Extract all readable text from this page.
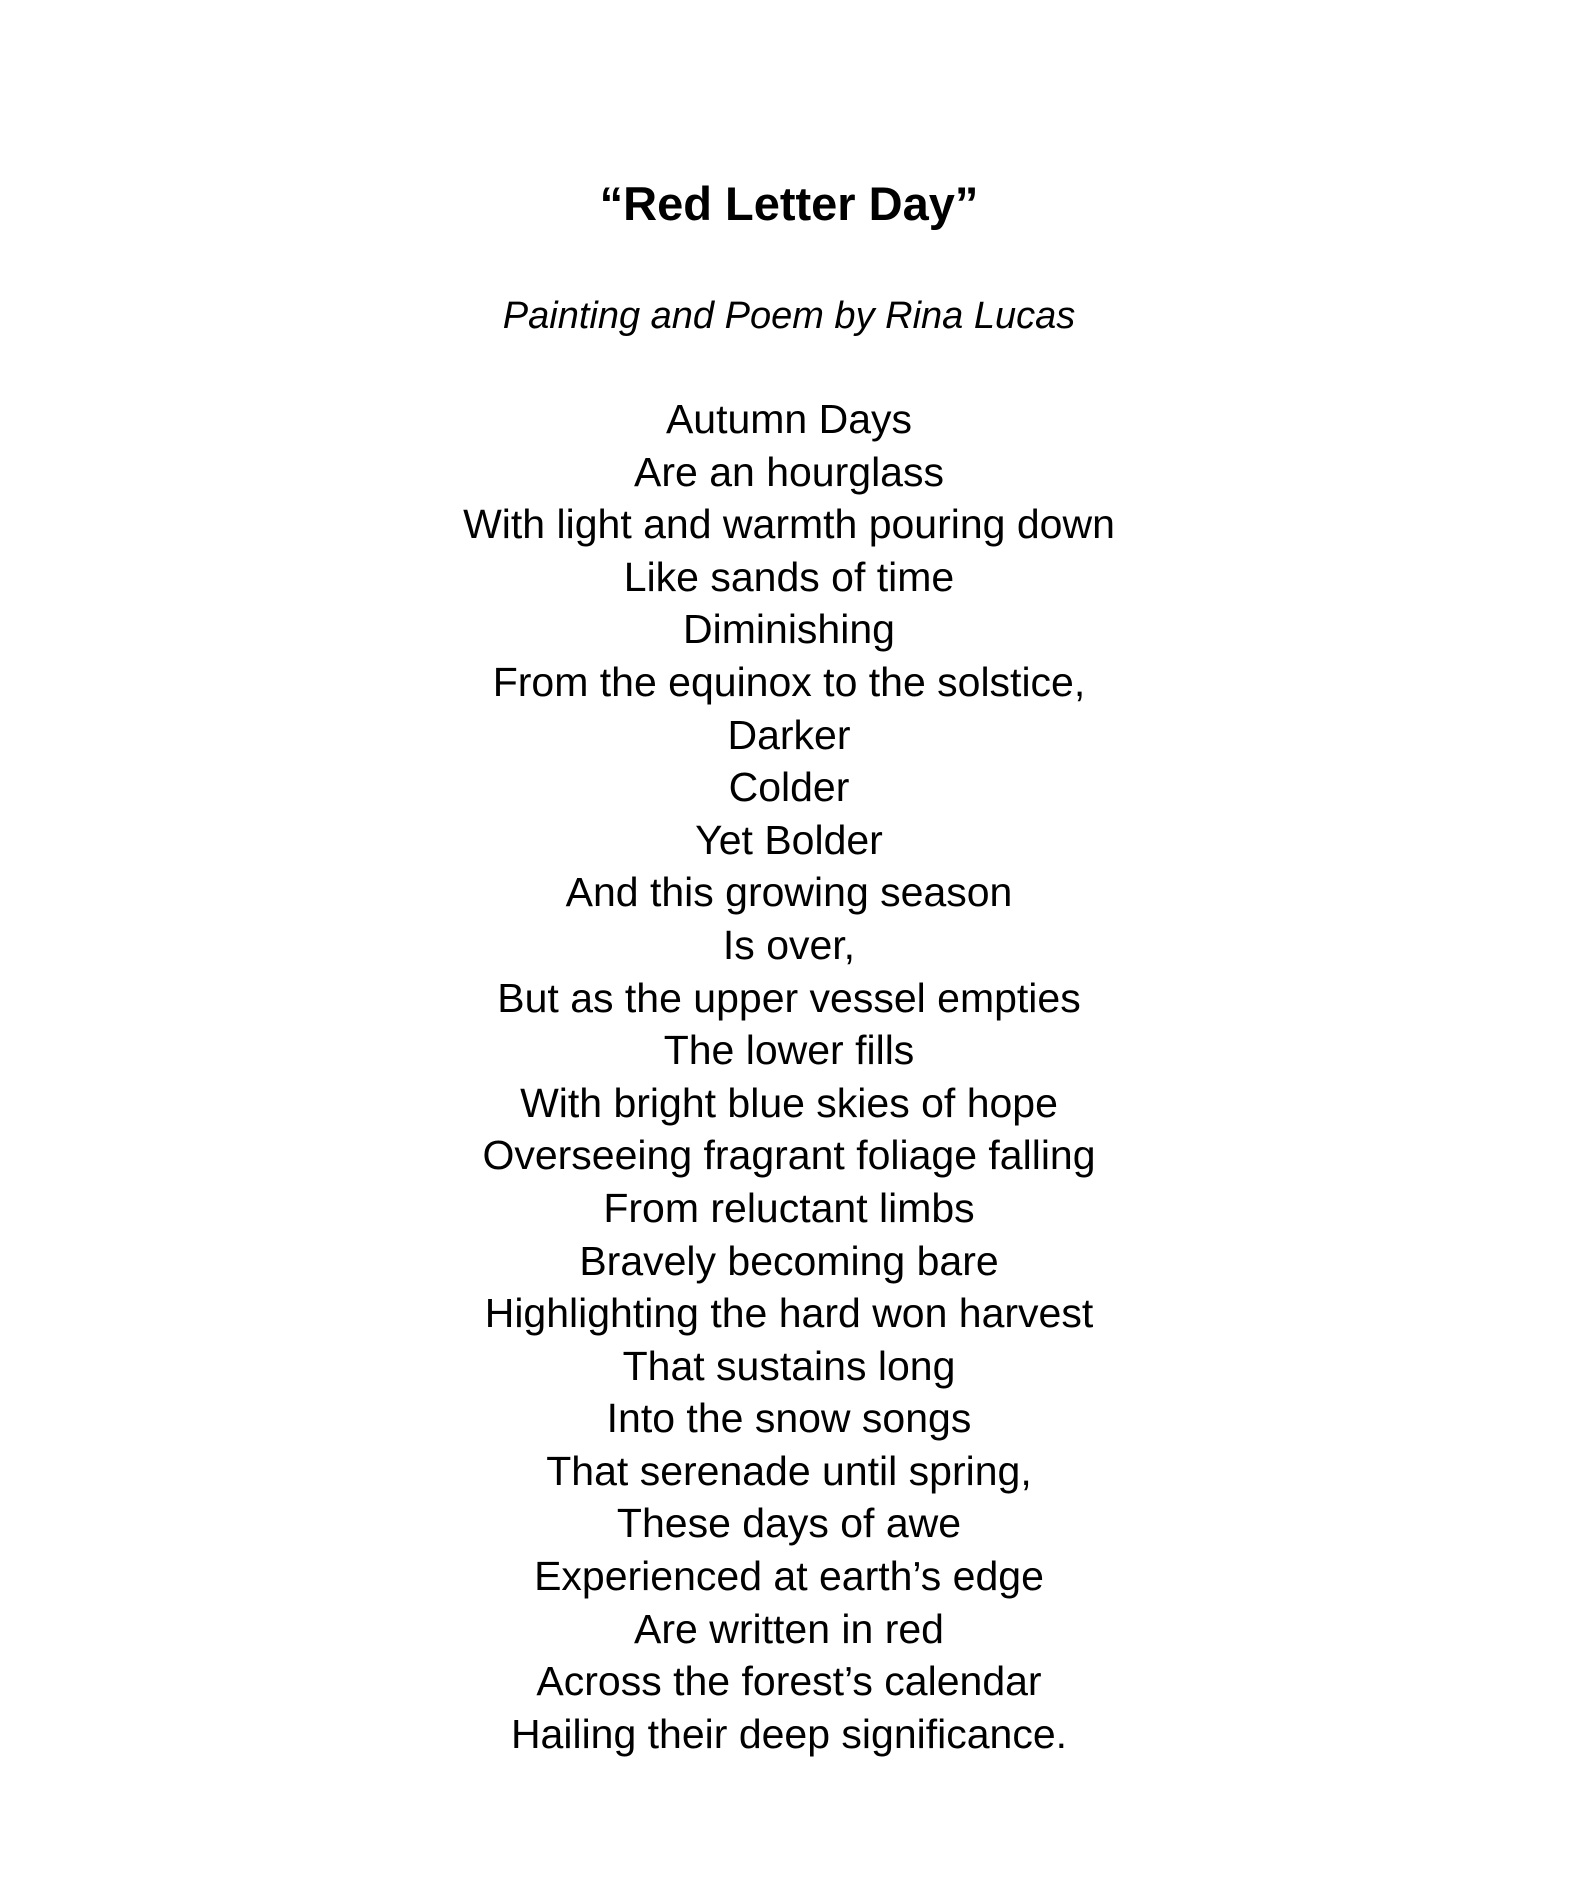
“Red Letter Day”

Painting and Poem by Rina Lucas

Autumn Days
Are an hourglass
With light and warmth pouring down
Like sands of time
Diminishing
From the equinox to the solstice,
Darker
Colder
Yet Bolder
And this growing season
Is over,
But as the upper vessel empties
The lower fills
With bright blue skies of hope
Overseeing fragrant foliage falling
From reluctant limbs
Bravely becoming bare
Highlighting the hard won harvest
That sustains long
Into the snow songs
That serenade until spring,
These days of awe
Experienced at earth’s edge
Are written in red
Across the forest’s calendar
Hailing their deep significance.
